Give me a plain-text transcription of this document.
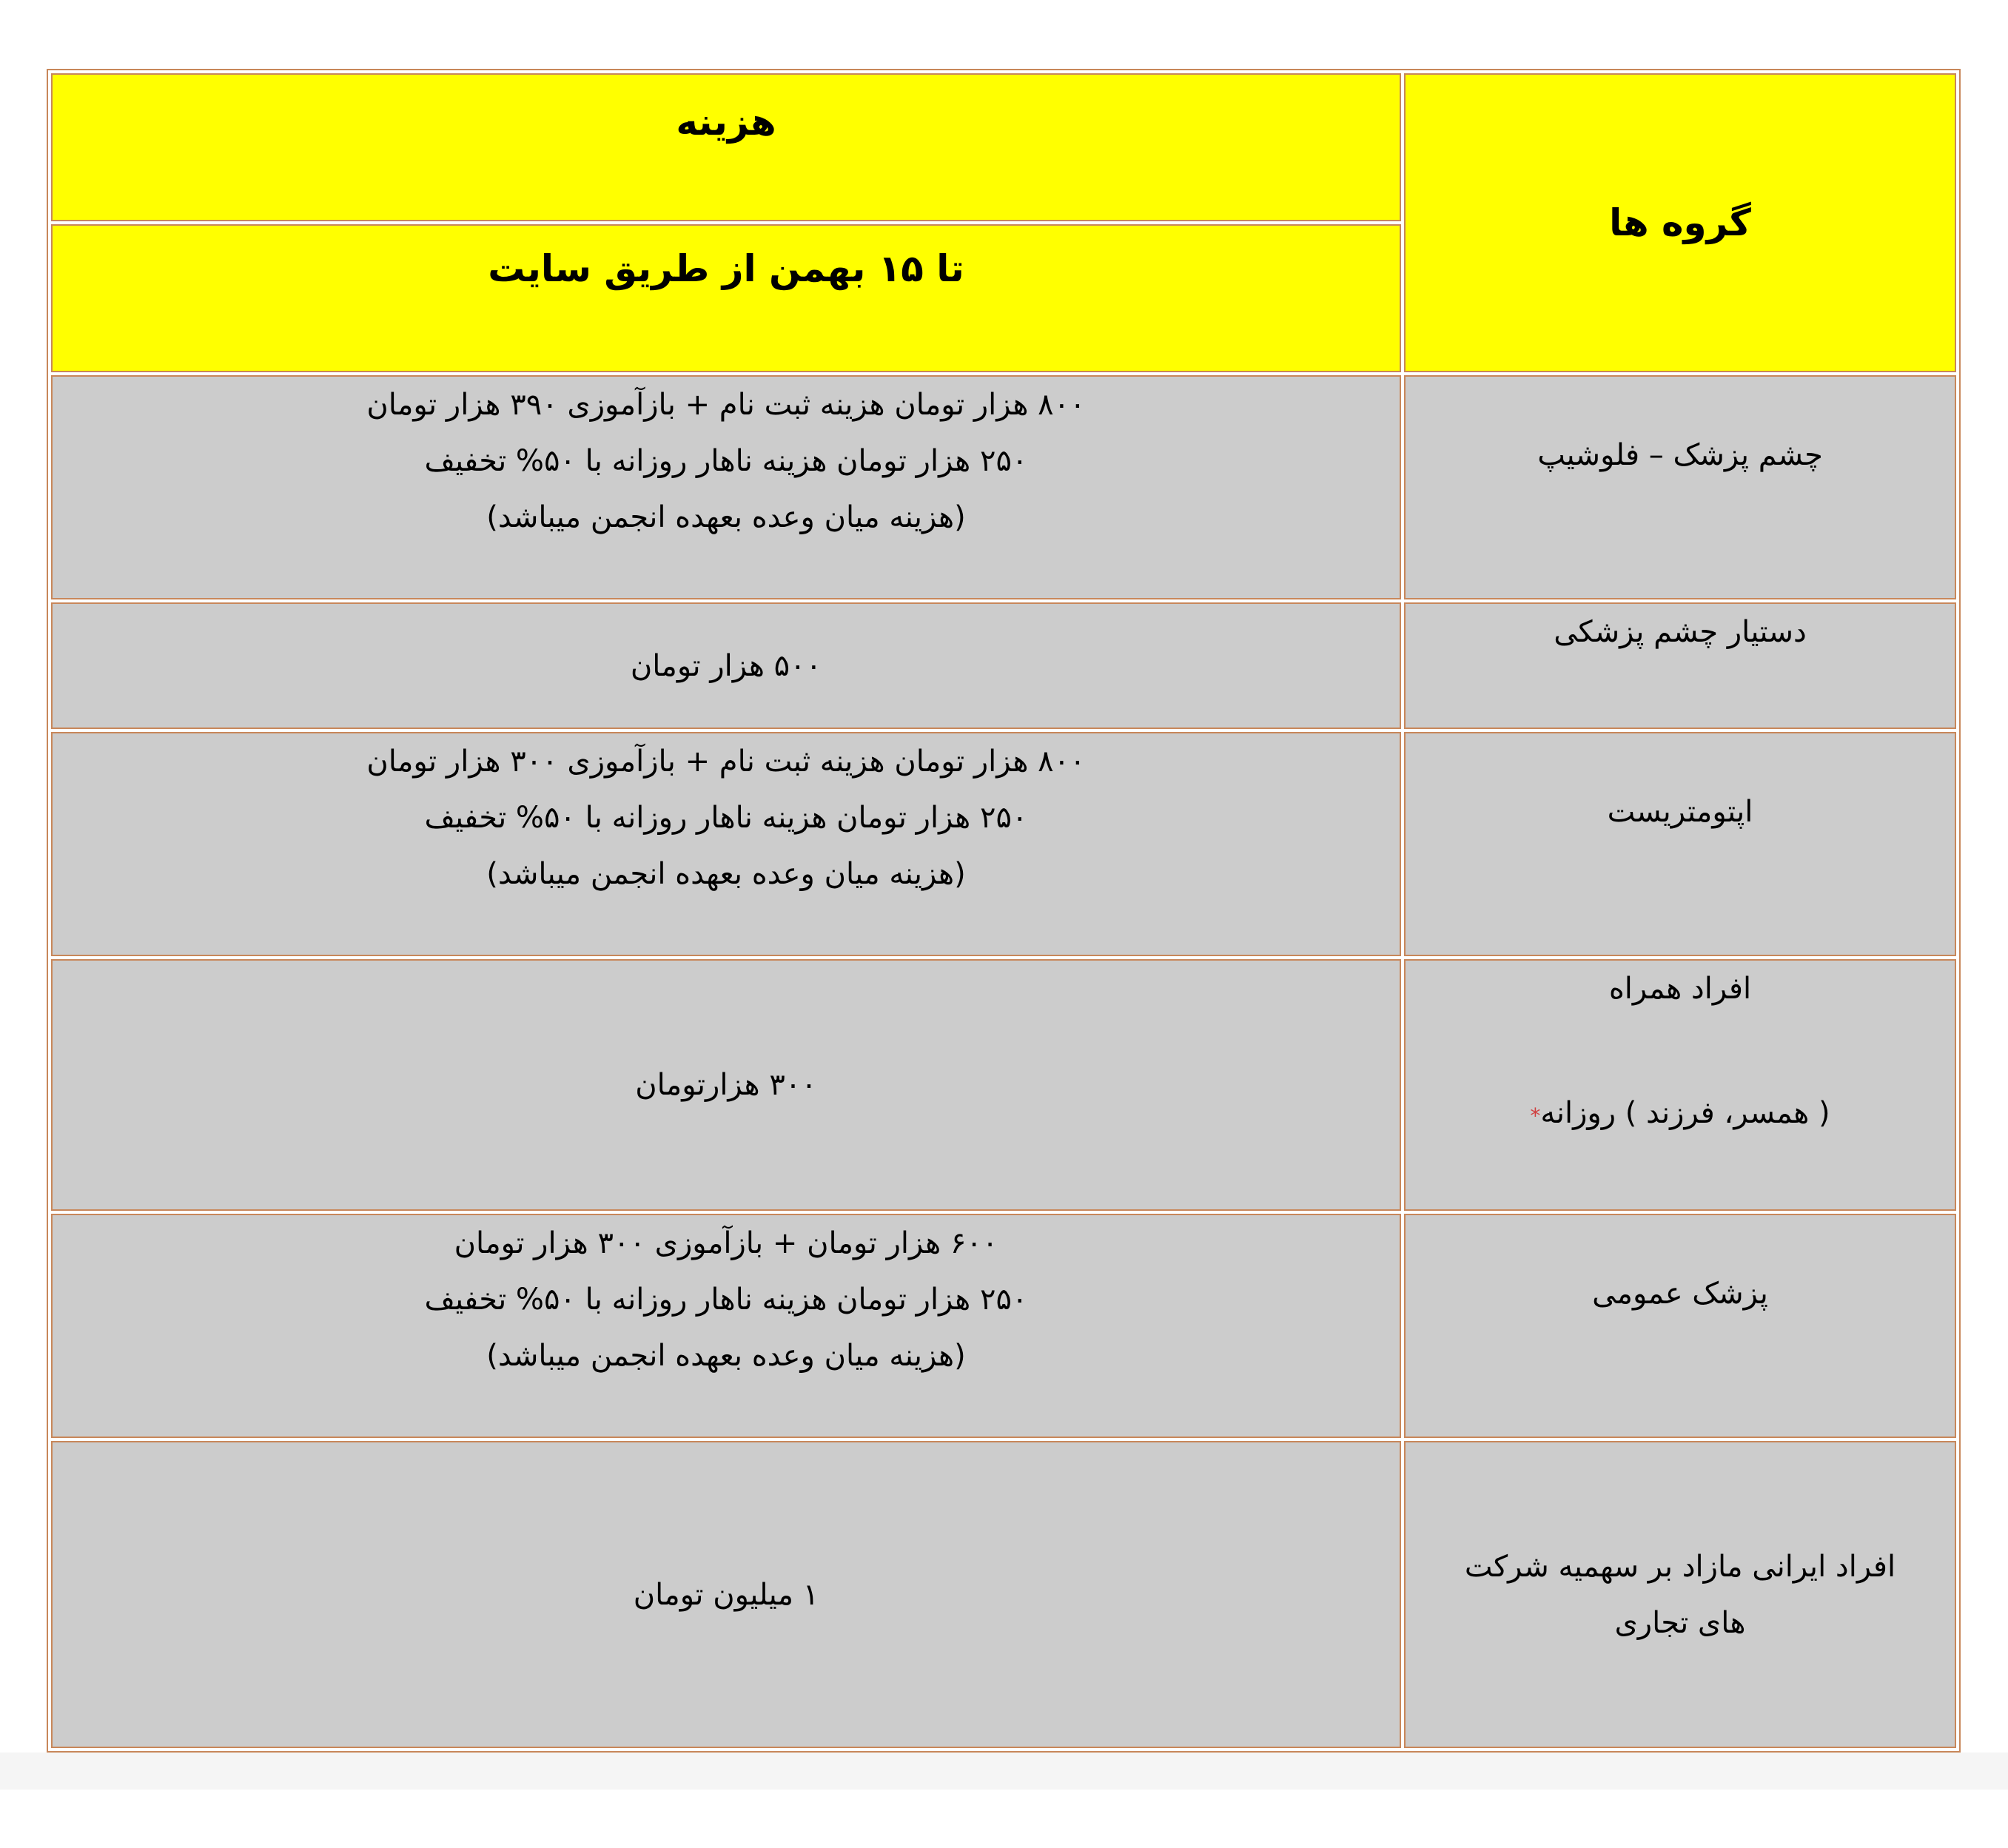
گروه ها	هزینه

	تا ۱۵ بهمن از طریق سایت

چشم پزشک – فلوشیپ	۸۰۰ هزار تومان هزینه ثبت نام + بازآموزی ۳۹۰ هزار تومان
۲۵۰ هزار تومان هزینه ناهار روزانه با ۵۰% تخفیف
(هزینه میان وعده بعهده انجمن میباشد)

دستیار چشم پزشکی	۵۰۰ هزار تومان
اپتومتریست	۸۰۰ هزار تومان هزینه ثبت نام + بازآموزی ۳۰۰ هزار تومان
۲۵۰ هزار تومان هزینه ناهار روزانه با ۵۰% تخفیف
(هزینه میان وعده بعهده انجمن میباشد)

افراد همراه
( همسر، فرزند ) روزانه*	۳۰۰ هزارتومان
پزشک عمومی	۶۰۰ هزار تومان + بازآموزی ۳۰۰ هزار تومان
۲۵۰ هزار تومان هزینه ناهار روزانه با ۵۰% تخفیف
(هزینه میان وعده بعهده انجمن میباشد)

افراد ایرانی مازاد بر سهمیه شرکت
های تجاری	۱ میلیون تومان
